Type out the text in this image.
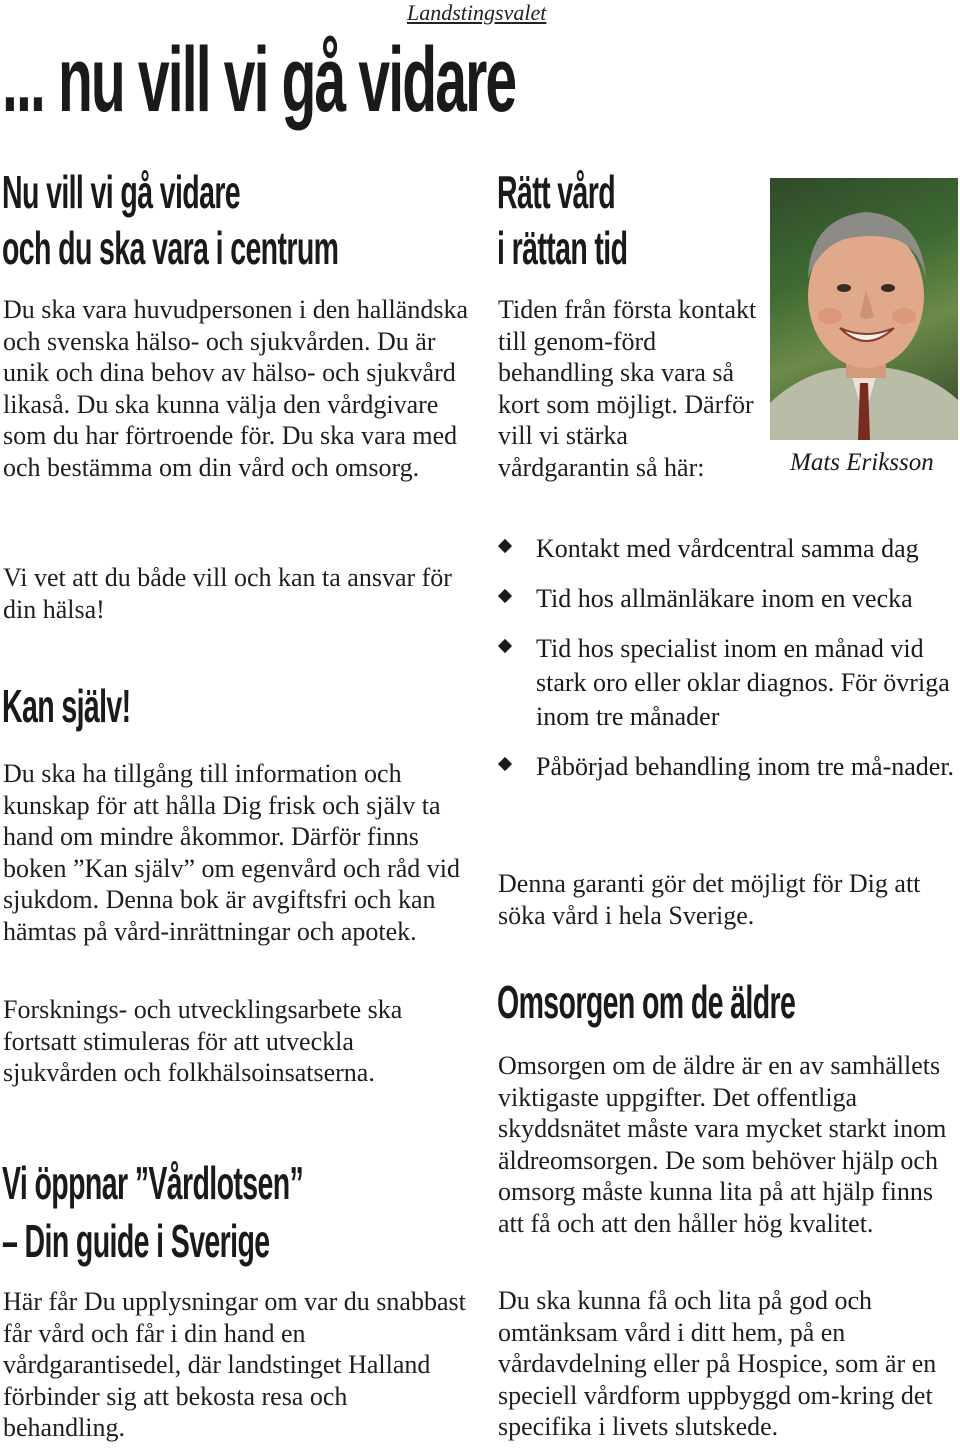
Landstingsvalet
... nu vill vi gå vidare
Nu vill vi gå vidare
och du ska vara i centrum

Du ska vara huvudpersonen i den halländska och svenska hälso- och sjukvården. Du är unik och dina behov av hälso- och sjukvård likaså. Du ska kunna välja den vårdgivare som du har förtroende för. Du ska vara med och bestämma om din vård och omsorg.

Vi vet att du både vill och kan ta ansvar för din hälsa!

Kan själv!

Du ska ha tillgång till information och kunskap för att hålla Dig frisk och själv ta hand om mindre åkommor. Därför finns boken ”Kan själv” om egenvård och råd vid sjukdom. Denna bok är avgiftsfri och kan hämtas på vård-inrättningar och apotek.

Forsknings- och utvecklingsarbete ska fortsatt stimuleras för att utveckla sjukvården och folkhälsoinsatserna.

Vi öppnar ”Vårdlotsen”
– Din guide i Sverige

Här får Du upplysningar om var du snabbast får vård och får i din hand en vårdgarantisedel, där landstinget Halland förbinder sig att bekosta resa och behandling.

Rätt vård
i rättan tid

Tiden från första kontakt till genom-förd behandling ska vara så kort som möjligt. Därför vill vi stärka vårdgarantin så här:	Mats Eriksson
Kontakt med vårdcentral samma dag
Tid hos allmänläkare inom en vecka
Tid hos specialist inom en månad vid stark oro eller oklar diagnos. För övriga inom tre månader
Påbörjad behandling inom tre må-nader.

Denna garanti gör det möjligt för Dig att söka vård i hela Sverige.

Omsorgen om de äldre

Omsorgen om de äldre är en av samhällets viktigaste uppgifter. Det offentliga skyddsnätet måste vara mycket starkt inom äldreomsorgen. De som behöver hjälp och omsorg måste kunna lita på att hjälp finns att få och att den håller hög kvalitet.

Du ska kunna få och lita på god och omtänksam vård i ditt hem, på en vårdavdelning eller på Hospice, som är en speciell vårdform uppbyggd om-kring det specifika i livets slutskede.
